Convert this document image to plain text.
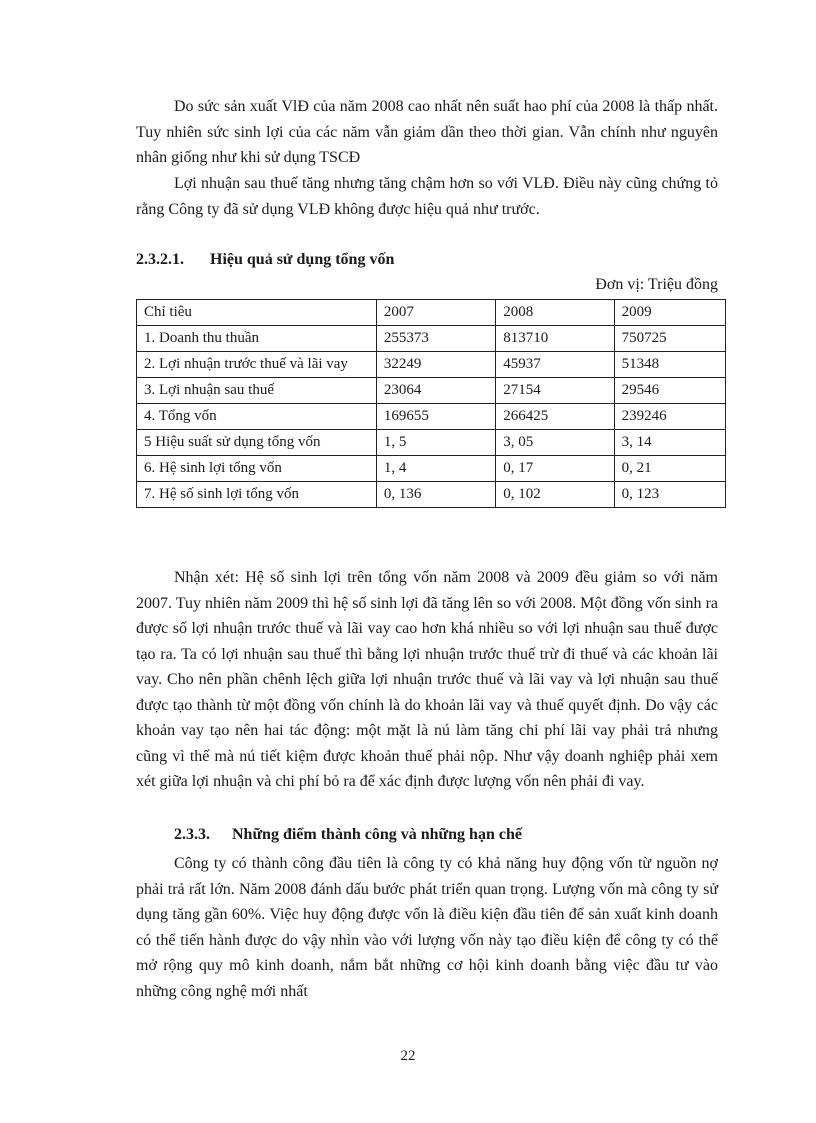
Do sức sản xuất VlĐ của năm 2008 cao nhất nên suất hao phí của 2008 là thấp nhất. Tuy nhiên sức sinh lợi của các năm vẫn giảm dần theo thời gian. Vẫn chính như nguyên nhân giống như khi sử dụng TSCĐ

Lợi nhuận sau thuế tăng nhưng tăng chậm hơn so với VLĐ. Điều này cũng chứng tỏ rằng Công ty đã sử dụng VLĐ không được hiệu quả như trước.

2.3.2.1. Hiệu quả sử dụng tổng vốn
Đơn vị: Triệu đồng
Chỉ tiêu	2007	2008	2009
1. Doanh thu thuần	255373	813710	750725
2. Lợi nhuận trước thuế và lãi vay	32249	45937	51348
3. Lợi nhuận sau thuế	23064	27154	29546
4. Tổng vốn	169655	266425	239246
5 Hiệu suất sử dụng tổng vốn	1, 5	3, 05	3, 14
6. Hệ sinh lợi tổng vốn	1, 4	0, 17	0, 21
7. Hệ số sinh lợi tổng vốn	0, 136	0, 102	0, 123

Nhận xét: Hệ số sinh lợi trên tổng vốn năm 2008 và 2009 đều giảm so với năm 2007. Tuy nhiên năm 2009 thì hệ số sinh lợi đã tăng lên so với 2008. Một đồng vốn sinh ra được số lợi nhuận trước thuế và lãi vay cao hơn khá nhiều so với lợi nhuận sau thuế được tạo ra. Ta có lợi nhuận sau thuế thì bằng lợi nhuận trước thuế trừ đi thuế và các khoản lãi vay. Cho nên phần chênh lệch giữa lợi nhuận trước thuế và lãi vay và lợi nhuận sau thuế được tạo thành từ một đồng vốn chính là do khoản lãi vay và thuế quyết định. Do vậy các khoản vay tạo nên hai tác động: một mặt là nú làm tăng chi phí lãi vay phải trả nhưng cũng vì thế mà nú tiết kiệm được khoản thuế phải nộp. Như vậy doanh nghiệp phải xem xét giữa lợi nhuận và chi phí bỏ ra để xác định được lượng vốn nên phải đi vay.

2.3.3. Những điểm thành công và những hạn chế

Công ty có thành công đầu tiên là công ty có khả năng huy động vốn từ nguồn nợ phải trả rất lớn. Năm 2008 đánh dấu bước phát triển quan trọng. Lượng vốn mà công ty sử dụng tăng gần 60%. Việc huy động được vốn là điều kiện đầu tiên để sản xuất kinh doanh có thể tiến hành được do vậy nhìn vào với lượng vốn này tạo điều kiện để công ty có thể mở rộng quy mô kinh doanh, nắm bắt những cơ hội kinh doanh bằng việc đầu tư vào những công nghệ mới nhất

22
